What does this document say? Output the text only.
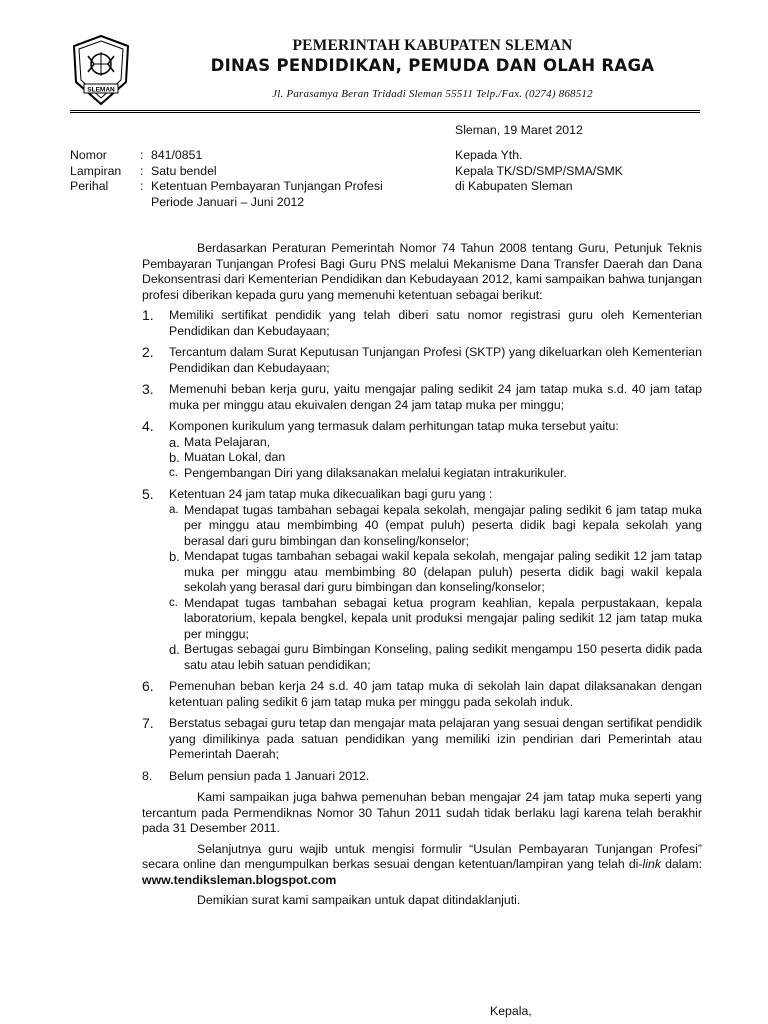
SLEMAN
PEMERINTAH KABUPATEN SLEMAN
DINAS PENDIDIKAN, PEMUDA DAN OLAH RAGA
Jl. Parasamya Beran Tridadi Sleman 55511 Telp./Fax. (0274) 868512
Sleman, 19 Maret 2012
Nomor	: 841/0851
Lampiran	: Satu bendel
Perihal	: Ketentuan Pembayaran Tunjangan Profesi Periode Januari – Juni 2012
Kepada Yth.
Kepala TK/SD/SMP/SMA/SMK
di Kabupaten Sleman

Berdasarkan Peraturan Pemerintah Nomor 74 Tahun 2008 tentang Guru, Petunjuk Teknis Pembayaran Tunjangan Profesi Bagi Guru PNS melalui Mekanisme Dana Transfer Daerah dan Dana Dekonsentrasi dari Kementerian Pendidikan dan Kebudayaan 2012, kami sampaikan bahwa tunjangan profesi diberikan kepada guru yang memenuhi ketentuan sebagai berikut:

1.	Memiliki sertifikat pendidik yang telah diberi satu nomor registrasi guru oleh Kementerian Pendidikan dan Kebudayaan;
2.	Tercantum dalam Surat Keputusan Tunjangan Profesi (SKTP) yang dikeluarkan oleh Kementerian Pendidikan dan Kebudayaan;
3.	Memenuhi beban kerja guru, yaitu mengajar paling sedikit 24 jam tatap muka s.d. 40 jam tatap muka per minggu atau ekuivalen dengan 24 jam tatap muka per minggu;
4.	Komponen kurikulum yang termasuk dalam perhitungan tatap muka tersebut yaitu:
a. Mata Pelajaran,
b. Muatan Lokal, dan
c. Pengembangan Diri yang dilaksanakan melalui kegiatan intrakurikuler.
5.	Ketentuan 24 jam tatap muka dikecualikan bagi guru yang :
a. Mendapat tugas tambahan sebagai kepala sekolah, mengajar paling sedikit 6 jam tatap muka per minggu atau membimbing 40 (empat puluh) peserta didik bagi kepala sekolah yang berasal dari guru bimbingan dan konseling/konselor;
b. Mendapat tugas tambahan sebagai wakil kepala sekolah, mengajar paling sedikit 12 jam tatap muka per minggu atau membimbing 80 (delapan puluh) peserta didik bagi wakil kepala sekolah yang berasal dari guru bimbingan dan konseling/konselor;
c. Mendapat tugas tambahan sebagai ketua program keahlian, kepala perpustakaan, kepala laboratorium, kepala bengkel, kepala unit produksi mengajar paling sedikit 12 jam tatap muka per minggu;
d. Bertugas sebagai guru Bimbingan Konseling, paling sedikit mengampu 150 peserta didik pada satu atau lebih satuan pendidikan;
6.	Pemenuhan beban kerja 24 s.d. 40 jam tatap muka di sekolah lain dapat dilaksanakan dengan ketentuan paling sedikit 6 jam tatap muka per minggu pada sekolah induk.
7.	Berstatus sebagai guru tetap dan mengajar mata pelajaran yang sesuai dengan sertifikat pendidik yang dimilikinya pada satuan pendidikan yang memiliki izin pendirian dari Pemerintah atau Pemerintah Daerah;
8.	Belum pensiun pada 1 Januari 2012.

Kami sampaikan juga bahwa pemenuhan beban mengajar 24 jam tatap muka seperti yang tercantum pada Permendiknas Nomor 30 Tahun 2011 sudah tidak berlaku lagi karena telah berakhir pada 31 Desember 2011.

Selanjutnya guru wajib untuk mengisi formulir “Usulan Pembayaran Tunjangan Profesi” secara online dan mengumpulkan berkas sesuai dengan ketentuan/lampiran yang telah di-link dalam: www.tendiksleman.blogspot.com

Demikian surat kami sampaikan untuk dapat ditindaklanjuti.

Kepala,
